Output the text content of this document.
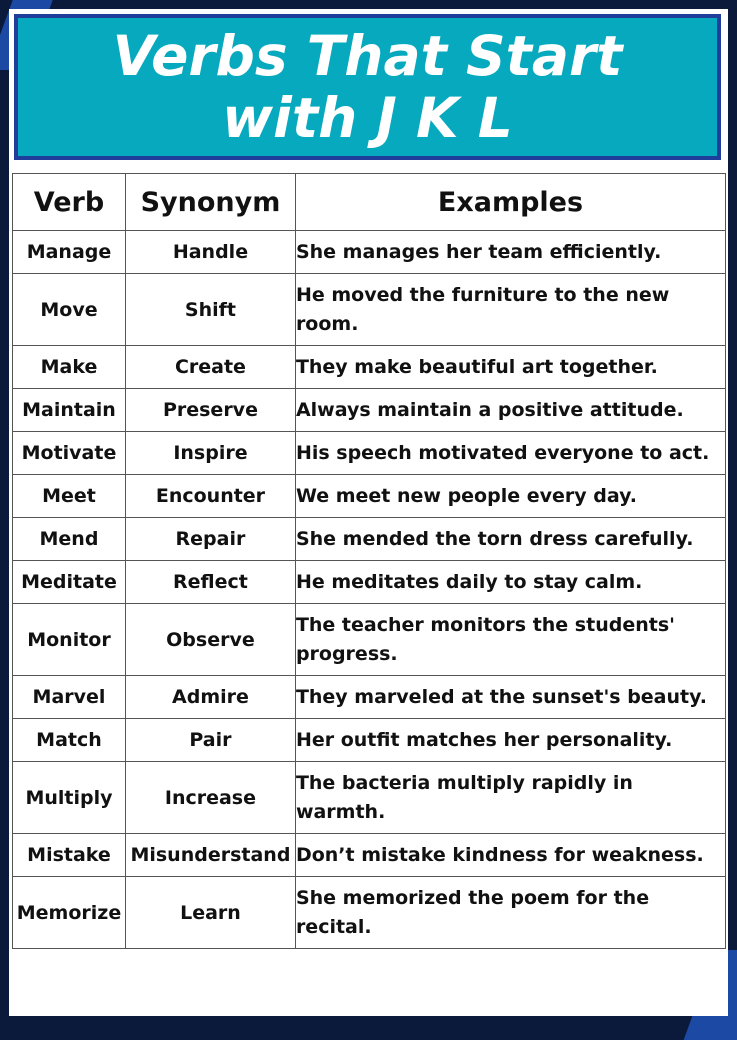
Verbs That Start
with J K L
Verb	Synonym	Examples
Manage	Handle	She manages her team efficiently.
Move	Shift	He moved the furniture to the new room.
Make	Create	They make beautiful art together.
Maintain	Preserve	Always maintain a positive attitude.
Motivate	Inspire	His speech motivated everyone to act.
Meet	Encounter	We meet new people every day.
Mend	Repair	She mended the torn dress carefully.
Meditate	Reflect	He meditates daily to stay calm.
Monitor	Observe	The teacher monitors the students' progress.
Marvel	Admire	They marveled at the sunset's beauty.
Match	Pair	Her outfit matches her personality.
Multiply	Increase	The bacteria multiply rapidly in warmth.
Mistake	Misunderstand	Don’t mistake kindness for weakness.
Memorize	Learn	She memorized the poem for the recital.
